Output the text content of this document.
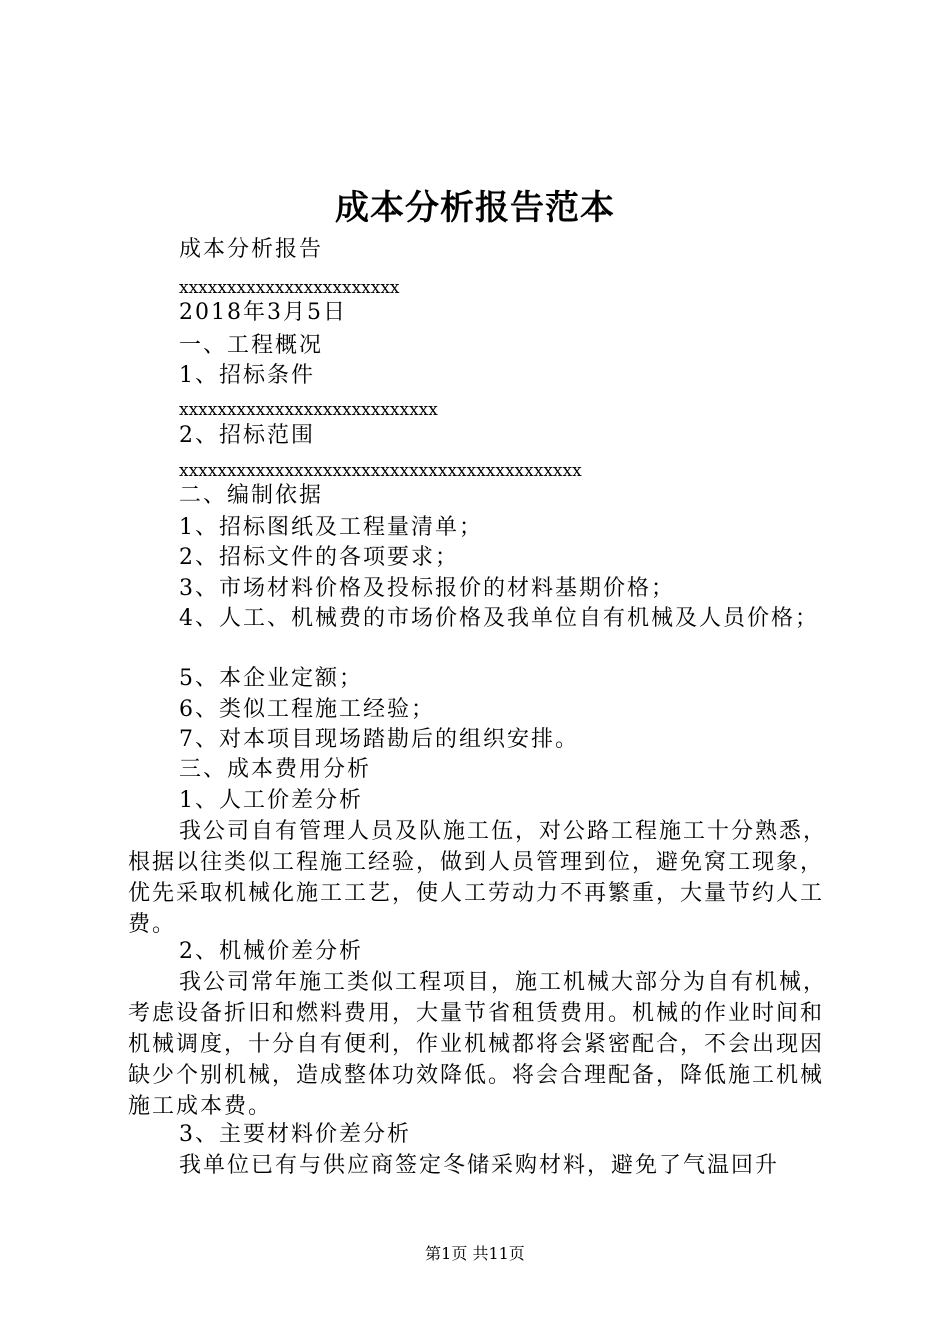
成本分析报告范本
成本分析报告
xxxxxxxxxxxxxxxxxxxxxxx
2018年3月5日
一、工程概况
1、招标条件
xxxxxxxxxxxxxxxxxxxxxxxxxxx
2、招标范围
xxxxxxxxxxxxxxxxxxxxxxxxxxxxxxxxxxxxxxxxxx
二、编制依据
1、招标图纸及工程量清单；
2、招标文件的各项要求；
3、市场材料价格及投标报价的材料基期价格；
4、人工、机械费的市场价格及我单位自有机械及人员价格；
5、本企业定额；
6、类似工程施工经验；
7、对本项目现场踏勘后的组织安排。
三、成本费用分析
1、人工价差分析
我公司自有管理人员及队施工伍，对公路工程施工十分熟悉，根据以往类似工程施工经验，做到人员管理到位，避免窝工现象，优先采取机械化施工工艺，使人工劳动力不再繁重，大量节约人工费。
2、机械价差分析
我公司常年施工类似工程项目，施工机械大部分为自有机械，考虑设备折旧和燃料费用，大量节省租赁费用。机械的作业时间和机械调度，十分自有便利，作业机械都将会紧密配合，不会出现因缺少个别机械，造成整体功效降低。将会合理配备，降低施工机械施工成本费。
3、主要材料价差分析
我单位已有与供应商签定冬储采购材料，避免了气温回升
第1页 共11页
